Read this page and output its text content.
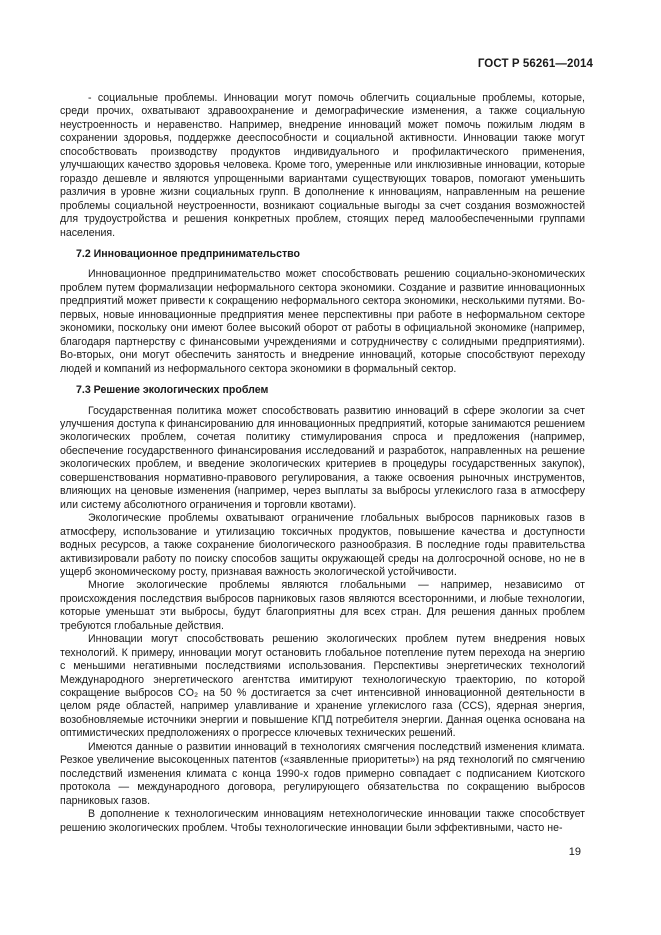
ГОСТ Р 56261—2014

- социальные проблемы. Инновации могут помочь облегчить социальные проблемы, которые, среди прочих, охватывают здравоохранение и демографические изменения, а также социальную неустроенность и неравенство. Например, внедрение инноваций может помочь пожилым людям в сохранении здоровья, поддержке дееспособности и социальной активности. Инновации также могут способствовать производству продуктов индивидуального и профилактического применения, улучшающих качество здоровья человека. Кроме того, умеренные или инклюзивные инновации, которые гораздо дешевле и являются упрощенными вариантами существующих товаров, помогают уменьшить различия в уровне жизни социальных групп. В дополнение к инновациям, направленным на решение проблемы социальной неустроенности, возникают социальные выгоды за счет создания возможностей для трудоустройства и решения конкретных проблем, стоящих перед малообеспеченными группами населения.

7.2 Инновационное предпринимательство

Инновационное предпринимательство может способствовать решению социально-экономических проблем путем формализации неформального сектора экономики. Создание и развитие инновационных предприятий может привести к сокращению неформального сектора экономики, несколькими путями. Во-первых, новые инновационные предприятия менее перспективны при работе в неформальном секторе экономики, поскольку они имеют более высокий оборот от работы в официальной экономике (например, благодаря партнерству с финансовыми учреждениями и сотрудничеству с солидными предприятиями). Во-вторых, они могут обеспечить занятость и внедрение инноваций, которые способствуют переходу людей и компаний из неформального сектора экономики в формальный сектор.

7.3 Решение экологических проблем

Государственная политика может способствовать развитию инноваций в сфере экологии за счет улучшения доступа к финансированию для инновационных предприятий, которые занимаются решением экологических проблем, сочетая политику стимулирования спроса и предложения (например, обеспечение государственного финансирования исследований и разработок, направленных на решение экологических проблем, и введение экологических критериев в процедуры государственных закупок), совершенствования нормативно-правового регулирования, а также освоения рыночных инструментов, влияющих на ценовые изменения (например, через выплаты за выбросы углекислого газа в атмосферу или систему абсолютного ограничения и торговли квотами).

Экологические проблемы охватывают ограничение глобальных выбросов парниковых газов в атмосферу, использование и утилизацию токсичных продуктов, повышение качества и доступности водных ресурсов, а также сохранение биологического разнообразия. В последние годы правительства активизировали работу по поиску способов защиты окружающей среды на долгосрочной основе, но не в ущерб экономическому росту, признавая важность экологической устойчивости.

Многие экологические проблемы являются глобальными — например, независимо от происхождения последствия выбросов парниковых газов являются всесторонними, и любые технологии, которые уменьшат эти выбросы, будут благоприятны для всех стран. Для решения данных проблем требуются глобальные действия.

Инновации могут способствовать решению экологических проблем путем внедрения новых технологий. К примеру, инновации могут остановить глобальное потепление путем перехода на энергию с меньшими негативными последствиями использования. Перспективы энергетических технологий Международного энергетического агентства имитируют технологическую траекторию, по которой сокращение выбросов CO₂ на 50 % достигается за счет интенсивной инновационной деятельности в целом ряде областей, например улавливание и хранение углекислого газа (CCS), ядерная энергия, возобновляемые источники энергии и повышение КПД потребителя энергии. Данная оценка основана на оптимистических предположениях о прогрессе ключевых технических решений.

Имеются данные о развитии инноваций в технологиях смягчения последствий изменения климата. Резкое увеличение высокоценных патентов («заявленные приоритеты») на ряд технологий по смягчению последствий изменения климата с конца 1990-х годов примерно совпадает с подписанием Киотского протокола — международного договора, регулирующего обязательства по сокращению выбросов парниковых газов.

В дополнение к технологическим инновациям нетехнологические инновации также способствует решению экологических проблем. Чтобы технологические инновации были эффективными, часто не-

19
